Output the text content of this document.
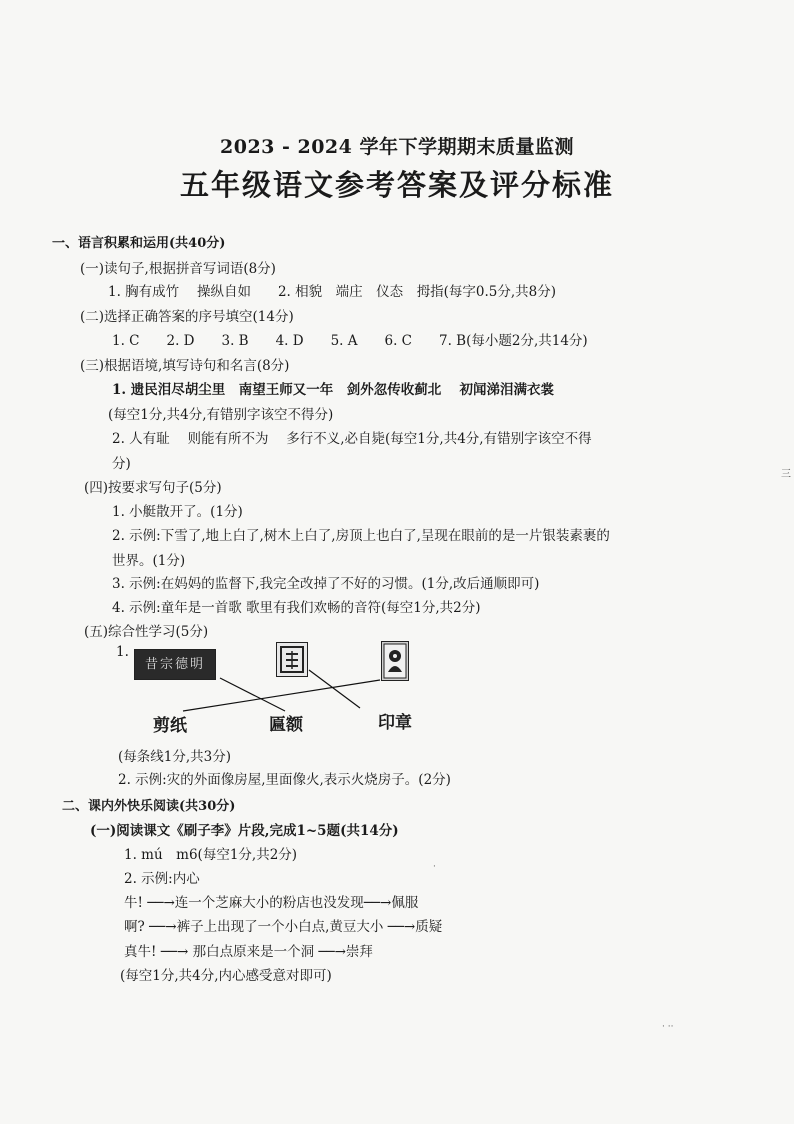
2023 - 2024 学年下学期期末质量监测
五年级语文参考答案及评分标准
一、语言积累和运用(共40分)
(一)读句子,根据拼音写词语(8分)
1. 胸有成竹　 操纵自如　　2. 相貌　端庄　仪态　拇指(每字0.5分,共8分)
(二)选择正确答案的序号填空(14分)
1. C　　2. D　　3. B　　4. D　　5. A　　6. C　　7. B(每小题2分,共14分)
(三)根据语境,填写诗句和名言(8分)
1. 遗民泪尽胡尘里　南望王师又一年　剑外忽传收蓟北　 初闻涕泪满衣裳
(每空1分,共4分,有错别字该空不得分)
2. 人有耻　 则能有所不为　 多行不义,必自毙(每空1分,共4分,有错别字该空不得
分)
(四)按要求写句子(5分)
1. 小艇散开了。(1分)
2. 示例:下雪了,地上白了,树木上白了,房顶上也白了,呈现在眼前的是一片银装素裹的
世界。(1分)
3. 示例:在妈妈的监督下,我完全改掉了不好的习惯。(1分,改后通顺即可)
4. 示例:童年是一首歌 歌里有我们欢畅的音符(每空1分,共2分)
(五)综合性学习(5分)
1.
昔宗德明
剪纸	匾额	印章
(每条线1分,共3分)
2. 示例:灾的外面像房屋,里面像火,表示火烧房子。(2分)
二、课内外快乐阅读(共30分)
(一)阅读课文《刷子李》片段,完成1~5题(共14分)
1. mú　m6(每空1分,共2分)
2. 示例:内心
牛! ──→连一个芝麻大小的粉店也没发现──→佩服
啊? ──→裤子上出现了一个小白点,黄豆大小 ──→质疑
真牛! ──→ 那白点原来是一个洞 ──→崇拜
(每空1分,共4分,内心感受意对即可)
三
·
· ··
